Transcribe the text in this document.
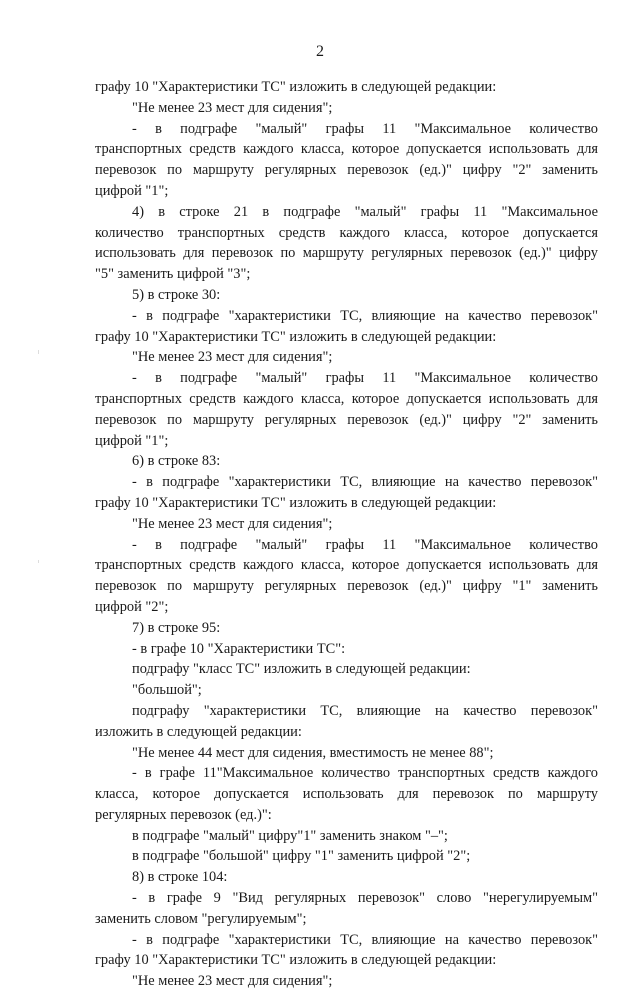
2
графу 10 "Характеристики ТС" изложить в следующей редакции:
"Не менее 23 мест для сидения";
- в подграфе "малый" графы 11 "Максимальное количество
транспортных средств каждого класса, которое допускается использовать для
перевозок по маршруту регулярных перевозок (ед.)" цифру "2" заменить
цифрой "1";
4) в строке 21 в подграфе "малый" графы 11 "Максимальное
количество транспортных средств каждого класса, которое допускается
использовать для перевозок по маршруту регулярных перевозок (ед.)" цифру
"5" заменить цифрой "3";
5) в строке 30:
- в подграфе "характеристики ТС, влияющие на качество перевозок"
графу 10 "Характеристики ТС" изложить в следующей редакции:
"Не менее 23 мест для сидения";
- в подграфе "малый" графы 11 "Максимальное количество
транспортных средств каждого класса, которое допускается использовать для
перевозок по маршруту регулярных перевозок (ед.)" цифру "2" заменить
цифрой "1";
6) в строке 83:
- в подграфе "характеристики ТС, влияющие на качество перевозок"
графу 10 "Характеристики ТС" изложить в следующей редакции:
"Не менее 23 мест для сидения";
- в подграфе "малый" графы 11 "Максимальное количество
транспортных средств каждого класса, которое допускается использовать для
перевозок по маршруту регулярных перевозок (ед.)" цифру "1" заменить
цифрой "2";
7) в строке 95:
- в графе 10 "Характеристики ТС":
подграфу "класс ТС" изложить в следующей редакции:
"большой";
подграфу "характеристики ТС, влияющие на качество перевозок"
изложить в следующей редакции:
"Не менее 44 мест для сидения, вместимость не менее 88";
- в графе 11"Максимальное количество транспортных средств каждого
класса, которое допускается использовать для перевозок по маршруту
регулярных перевозок (ед.)":
в подграфе "малый" цифру"1" заменить знаком "–";
в подграфе "большой" цифру "1" заменить цифрой "2";
8) в строке 104:
- в графе 9 "Вид регулярных перевозок" слово "нерегулируемым"
заменить словом "регулируемым";
- в подграфе "характеристики ТС, влияющие на качество перевозок"
графу 10 "Характеристики ТС" изложить в следующей редакции:
"Не менее 23 мест для сидения";
